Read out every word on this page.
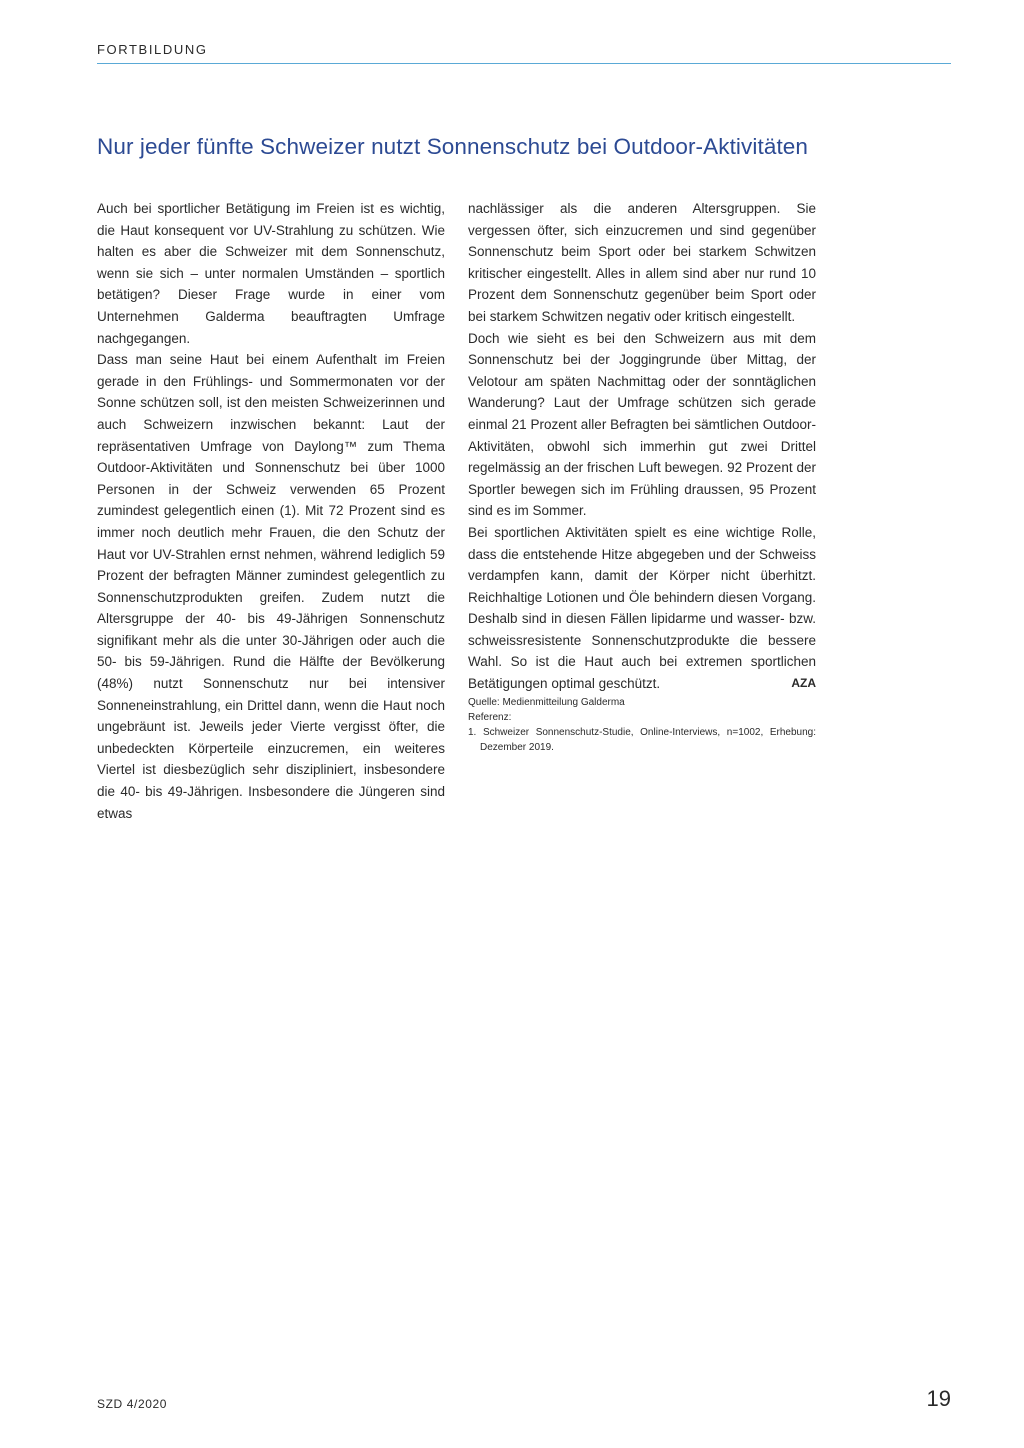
FORTBILDUNG
Nur jeder fünfte Schweizer nutzt Sonnenschutz bei Outdoor-Aktivitäten

Auch bei sportlicher Betätigung im Freien ist es wichtig, die Haut konsequent vor UV-Strahlung zu schützen. Wie halten es aber die Schweizer mit dem Sonnenschutz, wenn sie sich – unter normalen Umständen – sportlich betätigen? Dieser Frage wurde in einer vom Unternehmen Galderma beauftragten Umfrage nachgegangen.

Dass man seine Haut bei einem Aufenthalt im Freien gerade in den Frühlings- und Sommermonaten vor der Sonne schützen soll, ist den meisten Schweizerinnen und auch Schweizern inzwischen bekannt: Laut der repräsentativen Umfrage von Daylong™ zum Thema Outdoor-Aktivitäten und Sonnenschutz bei über 1000 Personen in der Schweiz verwenden 65 Prozent zumindest gelegentlich einen (1). Mit 72 Prozent sind es immer noch deutlich mehr Frauen, die den Schutz der Haut vor UV-Strahlen ernst nehmen, während lediglich 59 Prozent der befragten Männer zumindest gelegentlich zu Sonnenschutzprodukten greifen. Zudem nutzt die Altersgruppe der 40- bis 49-Jährigen Sonnenschutz signifikant mehr als die unter 30-Jährigen oder auch die 50- bis 59-Jährigen. Rund die Hälfte der Bevölkerung (48%) nutzt Sonnenschutz nur bei intensiver Sonneneinstrahlung, ein Drittel dann, wenn die Haut noch ungebräunt ist. Jeweils jeder Vierte vergisst öfter, die unbedeckten Körperteile einzucremen, ein weiteres Viertel ist diesbezüglich sehr diszipliniert, insbesondere die 40- bis 49-Jährigen. Insbesondere die Jüngeren sind etwas

nachlässiger als die anderen Altersgruppen. Sie vergessen öfter, sich einzucremen und sind gegenüber Sonnenschutz beim Sport oder bei starkem Schwitzen kritischer eingestellt. Alles in allem sind aber nur rund 10 Prozent dem Sonnenschutz gegenüber beim Sport oder bei starkem Schwitzen negativ oder kritisch eingestellt.

Doch wie sieht es bei den Schweizern aus mit dem Sonnenschutz bei der Joggingrunde über Mittag, der Velotour am späten Nachmittag oder der sonntäglichen Wanderung? Laut der Umfrage schützen sich gerade einmal 21 Prozent aller Befragten bei sämtlichen Outdoor-Aktivitäten, obwohl sich immerhin gut zwei Drittel regelmässig an der frischen Luft bewegen. 92 Prozent der Sportler bewegen sich im Frühling draussen, 95 Prozent sind es im Sommer.

Bei sportlichen Aktivitäten spielt es eine wichtige Rolle, dass die entstehende Hitze abgegeben und der Schweiss verdampfen kann, damit der Körper nicht überhitzt. Reichhaltige Lotionen und Öle behindern diesen Vorgang. Deshalb sind in diesen Fällen lipidarme und wasser- bzw. schweissresistente Sonnenschutzprodukte die bessere Wahl. So ist die Haut auch bei extremen sportlichen Betätigungen optimal geschützt.	AZA

Quelle: Medienmitteilung Galderma

Referenz:

1. Schweizer Sonnenschutz-Studie, Online-Interviews, n=1002, Erhebung: Dezember 2019.

SZD 4/2020	19
